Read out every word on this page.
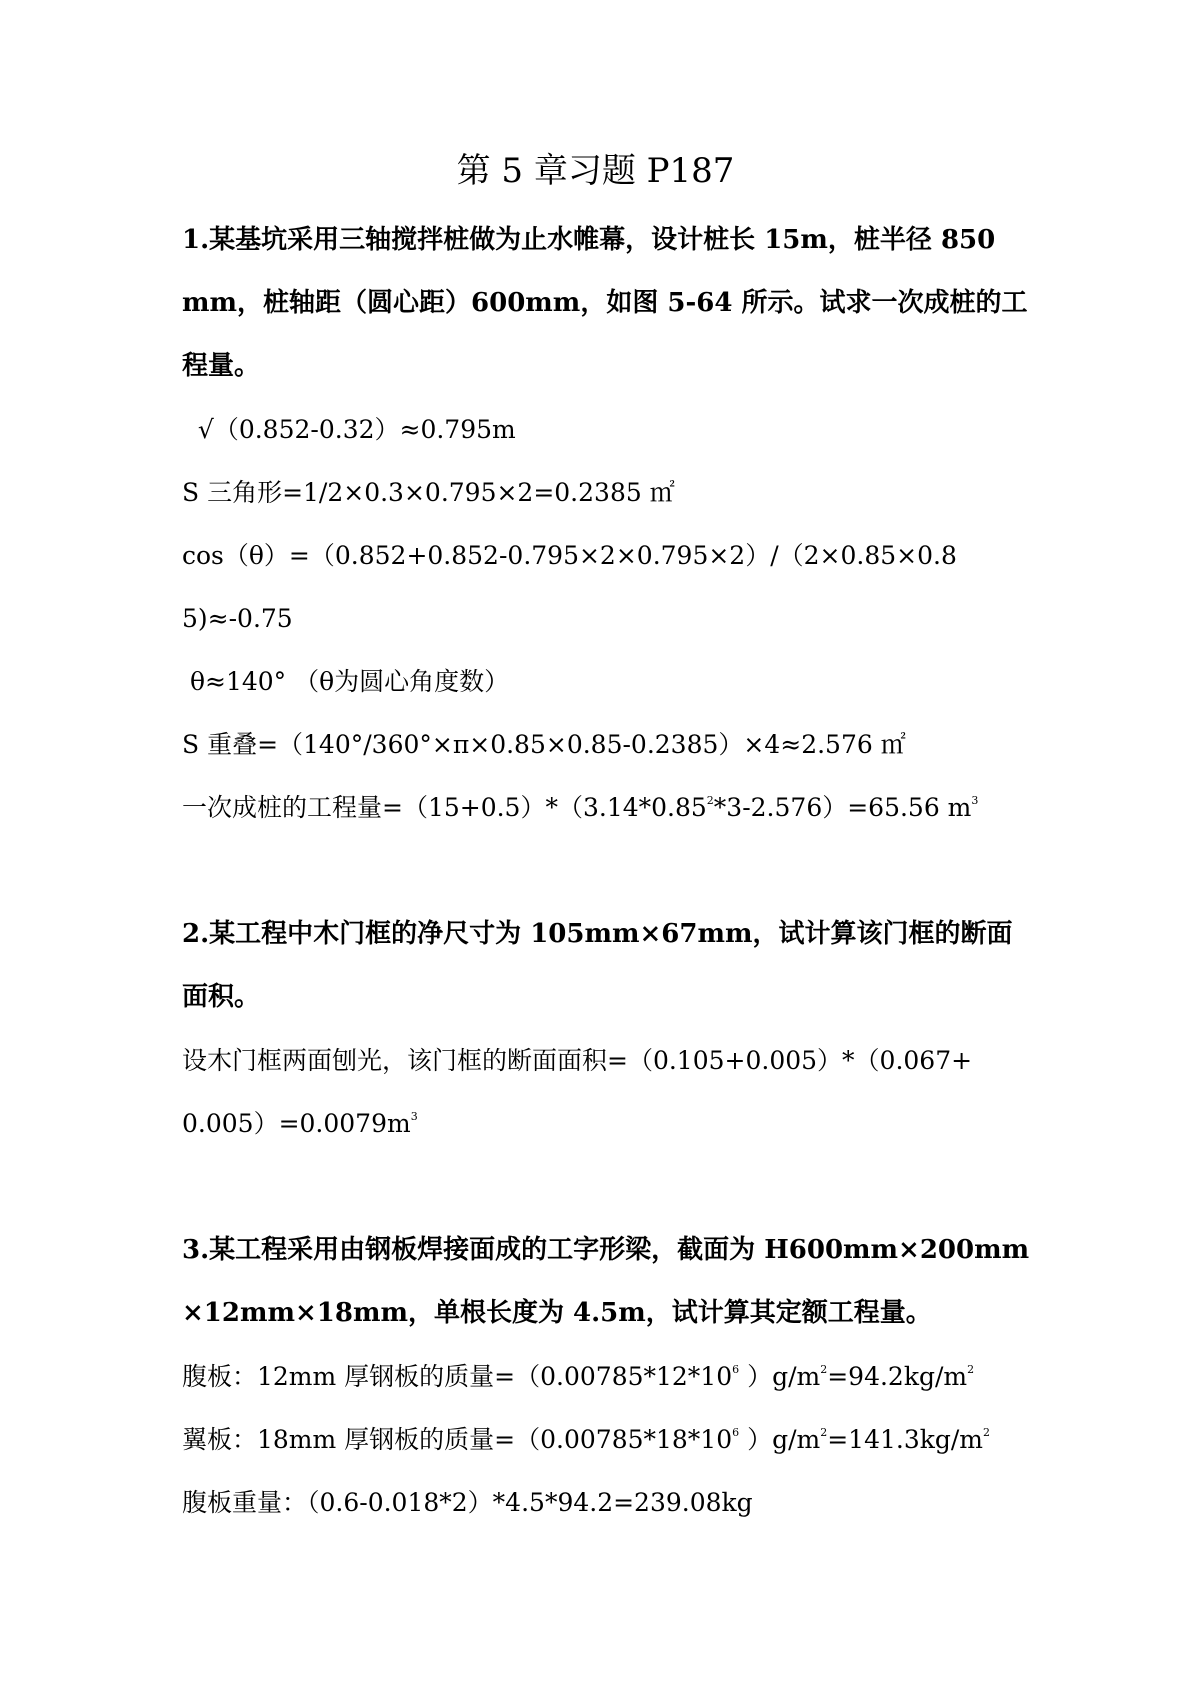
第 5 章习题 P187
1.某基坑采用三轴搅拌桩做为止水帷幕，设计桩长 15m，桩半径 850
mm，桩轴距（圆心距）600mm，如图 5-64 所示。试求一次成桩的工
程量。
√（0.852-0.32）≈0.795m
S 三角形=1/2×0.3×0.795×2=0.2385 ㎡
cos（θ）=（0.852+0.852-0.795×2×0.795×2）/（2×0.85×0.8
5)≈-0.75
θ≈140° （θ为圆心角度数）
S 重叠=（140°/360°×π×0.85×0.85-0.2385）×4≈2.576 ㎡
一次成桩的工程量$=(15+0.5)*(3.14*0.85^2*3-2.576)=65.56$ $m^3$
2.某工程中木门框的净尺寸为 105mm×67mm，试计算该门框的断面
面积。
设木门框两面刨光，该门框的断面面积=（0.105+0.005）*（0.067+
$0.005)=0.0079m^3$
3.某工程采用由钢板焊接面成的工字形梁，截面为 H600mm×200mm
×12mm×18mm，单根长度为 4.5m，试计算其定额工程量。
腹板：12mm 厚钢板的质量$=(0.00785*12*10^6$ ）$g/m^2=94.2kg/m^2$
翼板：18mm 厚钢板的质量$=(0.00785*18*10^6$ ）$g/m^2=141.3kg/m^2$
腹板重量：（0.6-0.018*2）*4.5*94.2=239.08kg
